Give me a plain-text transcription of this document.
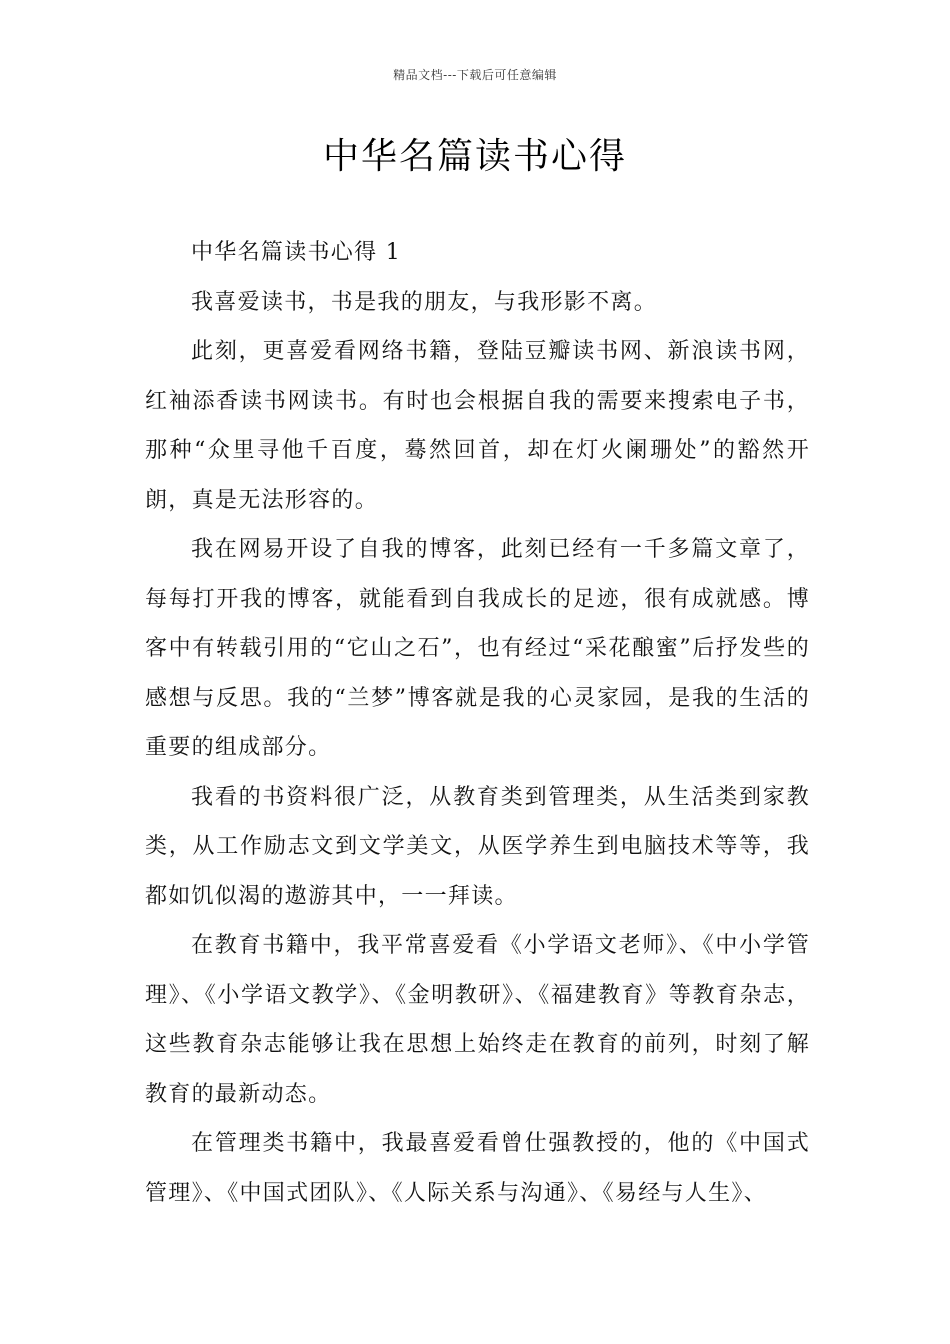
精品文档---下载后可任意编辑
中华名篇读书心得

中华名篇读书心得 1

我喜爱读书，书是我的朋友，与我形影不离。

此刻，更喜爱看网络书籍，登陆豆瓣读书网、新浪读书网，红袖添香读书网读书。有时也会根据自我的需要来搜索电子书，那种“众里寻他千百度，蓦然回首，却在灯火阑珊处”的豁然开朗，真是无法形容的。

我在网易开设了自我的博客，此刻已经有一千多篇文章了，每每打开我的博客，就能看到自我成长的足迹，很有成就感。博客中有转载引用的“它山之石”，也有经过“采花酿蜜”后抒发些的感想与反思。我的“兰梦”博客就是我的心灵家园，是我的生活的重要的组成部分。

我看的书资料很广泛，从教育类到管理类，从生活类到家教类，从工作励志文到文学美文，从医学养生到电脑技术等等，我都如饥似渴的遨游其中，一一拜读。

在教育书籍中，我平常喜爱看《小学语文老师》、《中小学管理》、《小学语文教学》、《金明教研》、《福建教育》等教育杂志，这些教育杂志能够让我在思想上始终走在教育的前列，时刻了解教育的最新动态。

在管理类书籍中，我最喜爱看曾仕强教授的，他的《中国式管理》、《中国式团队》、《人际关系与沟通》、《易经与人生》、
